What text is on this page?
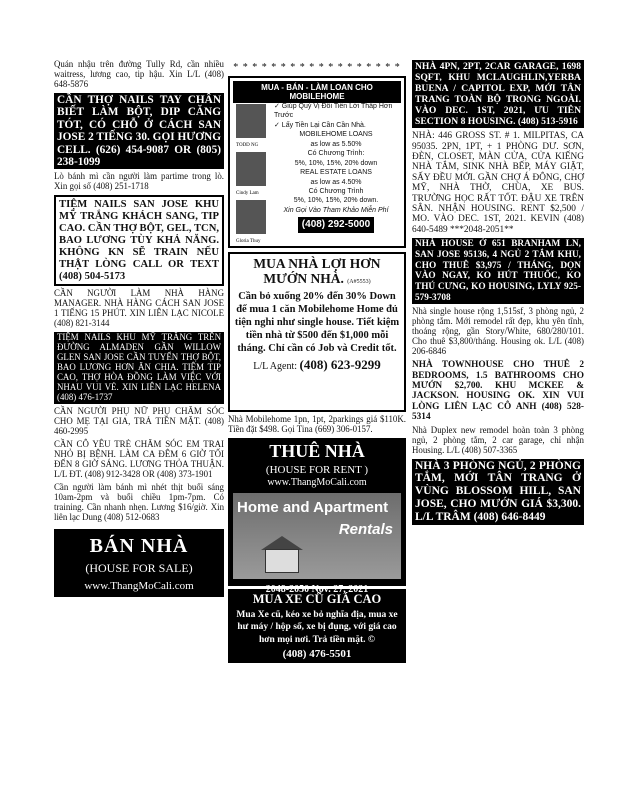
Quán nhậu trên đường Tully Rd, cần nhiều waitress, lương cao, tip hậu. Xin L/L (408) 648-5876
CẦN THỢ NAILS TAY CHÂN BIẾT LÀM BỘT, DIP CĂNG TÓT, CÓ CHỖ Ở CÁCH SAN JOSE 2 TIẾNG 30. GỌI HƯƠNG CELL. (626) 454-9087 OR (805) 238-1099
Lò bánh mì cần người làm partime trong lò. Xin gọi số (408) 251-1718
TIỆM NAILS SAN JOSE KHU MỸ TRẮNG KHÁCH SANG, TIP CAO. CẦN THỢ BỘT, GEL, TCN, BAO LƯƠNG TÙY KHẢ NĂNG. KHÔNG KN SẼ TRAIN NẾU THẬT LÒNG CALL OR TEXT (408) 504-5173
CẦN NGƯỜI LÀM NHÀ HÀNG MANAGER. NHÀ HÀNG CÁCH SAN JOSE 1 TIẾNG 15 PHÚT. XIN LIÊN LẠC NICOLE (408) 821-3144
TIỆM NAILS KHU MỸ TRẮNG TRÊN ĐƯỜNG ALMADEN GẦN WILLOW GLEN SAN JOSE CẦN TUYỂN THỢ BỘT, BAO LƯƠNG HƠN ĂN CHIA. TIỆM TIP CAO, THỢ HÒA ĐỒNG LÀM VIỆC VỚI NHAU VUI VẺ. XIN LIÊN LẠC HELENA (408) 476-1737
CẦN NGƯỜI PHỤ NỮ PHỤ CHĂM SÓC CHO MẸ TẠI GIA, TRẢ TIỀN MẶT. (408) 460-2995
CẦN CÔ YÊU TRẺ CHĂM SÓC EM TRAI NHỎ BỊ BỆNH. LÀM CA ĐÊM 6 GIỜ TỐI ĐẾN 8 GIỜ SÁNG. LƯƠNG THỎA THUẬN. L/L ĐT. (408) 912-3428 OR (408) 373-1901
Cần người làm bánh mì nhét thịt buổi sáng 10am-2pm và buổi chiều 1pm-7pm. Có training. Cần nhanh nhẹn. Lương $16/giờ. Xin liên lạc Dung (408) 512-0683
BÁN NHÀ
(HOUSE FOR SALE)
www.ThangMoCali.com
* * * * * * * * * * * * * * * * * *
MUA - BÁN - LÀM LOAN CHO MOBILEHOME
TODD NG
Cindy Lam
Gloria Thuy
✓ Giúp Quý Vị Đổi Tiền Lời Thấp Hơn Trước
✓ Lấy Tiền Lại Cần Cần Nhà.
MOBILEHOME LOANS
as low as 5.50%
Có Chương Trình:
5%, 10%, 15%, 20% down
REAL ESTATE LOANS
as low as 4.50%
Có Chương Trình
5%, 10%, 15%, 20% down.
Xin Gọi Vào Tham Khảo Miễn Phí
(408) 292-5000
MUA NHÀ LỢI HƠN MƯỚN NHÀ. (A#5553)
Cần bỏ xuống 20% đến 30% Down để mua 1 căn Mobilehome Home đủ tiện nghi như single house. Tiết kiệm tiền nhà từ $500 đến $1,000 mỗi tháng. Chỉ cần có Job và Credit tốt.
L/L Agent: (408) 623-9299
Nhà Mobilehome 1pn, 1pt, 2parkings giá $110K. Tiền đặt $498. Gọi Tina (669) 306-0157.
THUÊ NHÀ
(HOUSE FOR RENT )
www.ThangMoCali.com
Home and Apartment
Rentals
2048-2050 Nov. 27, 2021
MUA XE CŨ GIÁ CAO
Mua Xe cũ, kéo xe bỏ nghĩa địa, mua xe hư máy / hộp số, xe bị đụng, với giá cao hơn mọi nơi. Trả tiền mặt. ©
(408) 476-5501
NHÀ 4PN, 2PT, 2CAR GARAGE, 1698 SQFT, KHU MCLAUGHLIN,YERBA BUENA / CAPITOL EXP, MỚI TÂN TRANG TOÀN BỘ TRONG NGOÀI. VÀO DEC. 1ST, 2021, ƯU TIÊN SECTION 8 HOUSING. (408) 513-5916
NHÀ: 446 GROSS ST. # 1. MILPITAS, CA 95035. 2PN, 1PT, + 1 PHÒNG DƯ. SƠN, ĐÈN, CLOSET, MÀN CỬA, CỬA KIẾNG NHÀ TẮM, SINK NHÀ BẾP, MÁY GIẶT, SẤY ĐỀU MỚI. GẦN CHỢ Á ĐÔNG, CHỢ MỸ, NHÀ THỜ, CHÙA, XE BUS. TRƯỜNG HỌC RẤT TỐT. ĐẬU XE TRÊN SÂN. NHẬN HOUSING. RENT $2,500 / MO. VÀO DEC. 1ST, 2021. KEVIN (408) 640-5489 ***2048-2051**
NHÀ HOUSE Ở 651 BRANHAM LN, SAN JOSE 95136, 4 NGỦ 2 TẮM KHU, CHO THUÊ $3,975 / THÁNG, DỌN VÀO NGAY, KO HÚT THUỐC, KO THÚ CƯNG, KO HOUSING, LYLY 925-579-3708
Nhà single house rộng 1,515sf, 3 phòng ngủ, 2 phòng tắm. Mới remodel rất đẹp, khu yên tĩnh, thoáng rộng, gần Story/White, 680/280/101. Cho thuê $3,800/tháng. Housing ok. L/L (408) 206-6846
NHÀ TOWNHOUSE CHO THUÊ 2 BEDROOMS, 1.5 BATHROOMS CHO MƯỚN $2,700. KHU MCKEE & JACKSON. HOUSING OK. XIN VUI LÒNG LIÊN LẠC CÔ ANH (408) 528-5314
Nhà Duplex new remodel hoàn toàn 3 phòng ngủ, 2 phòng tắm, 2 car garage, chỉ nhận Housing. L/L (408) 507-3365
NHÀ 3 PHÒNG NGỦ, 2 PHÒNG TẮM, MỚI TÂN TRANG Ở VÙNG BLOSSOM HILL, SAN JOSE, CHO MƯỚN GIÁ $3,300. L/L TRÂM (408) 646-8449
